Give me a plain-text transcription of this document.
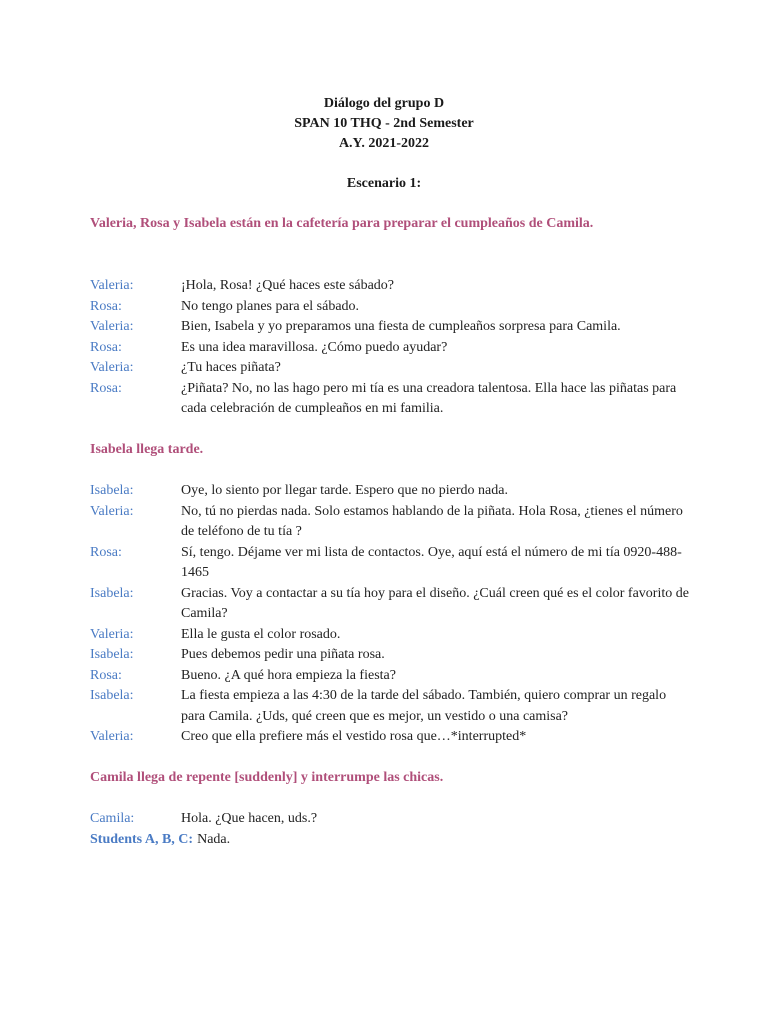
Diálogo del grupo D
SPAN 10 THQ - 2nd Semester
A.Y. 2021-2022
Escenario 1:
Valeria, Rosa y Isabela están en la cafetería para preparar el cumpleaños de Camila.
Valeria:	¡Hola, Rosa! ¿Qué haces este sábado?
Rosa:	No tengo planes para el sábado.
Valeria:	Bien, Isabela y yo preparamos una fiesta de cumpleaños sorpresa para Camila.
Rosa:	Es una idea maravillosa. ¿Cómo puedo ayudar?
Valeria:	¿Tu haces piñata?
Rosa:	¿Piñata? No, no las hago pero mi tía es una creadora talentosa. Ella hace las piñatas para cada celebración de cumpleaños en mi familia.
Isabela llega tarde.
Isabela:	Oye, lo siento por llegar tarde. Espero que no pierdo nada.
Valeria:	No, tú no pierdas nada. Solo estamos hablando de la piñata. Hola Rosa, ¿tienes el número de teléfono de tu tía ?
Rosa:	Sí, tengo. Déjame ver mi lista de contactos. Oye, aquí está el número de mi tía 0920-488-1465
Isabela:	Gracias. Voy a contactar a su tía hoy para el diseño. ¿Cuál creen qué es el color favorito de Camila?
Valeria:	Ella le gusta el color rosado.
Isabela:	Pues debemos pedir una piñata rosa.
Rosa:	Bueno. ¿A qué hora empieza la fiesta?
Isabela:	La fiesta empieza a las 4:30 de la tarde del sábado. También, quiero comprar un regalo para Camila. ¿Uds, qué creen que es mejor, un vestido o una camisa?
Valeria:	Creo que ella prefiere más el vestido rosa que…*interrupted*
Camila llega de repente [suddenly] y interrumpe las chicas.
Camila:	Hola. ¿Que hacen, uds.?
Students A, B, C: Nada.
